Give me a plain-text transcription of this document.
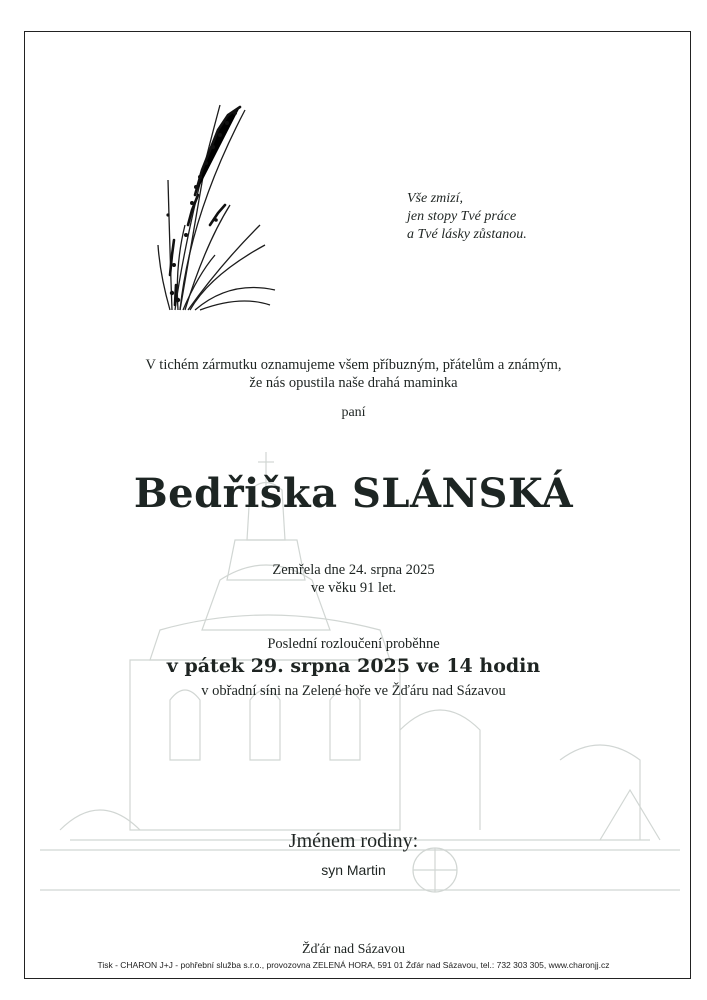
Vše zmizí,
jen stopy Tvé práce
a Tvé lásky zůstanou.
V tichém zármutku oznamujeme všem příbuzným, přátelům a známým,
že nás opustila naše drahá maminka
paní
Bedřiška SLÁNSKÁ
Zemřela dne 24. srpna 2025
ve věku 91 let.
Poslední rozloučení proběhne
v pátek 29. srpna 2025 ve 14 hodin
v obřadní síni na Zelené hoře ve Žďáru nad Sázavou
Jménem rodiny:
syn Martin
Žďár nad Sázavou
Tisk - CHARON J+J - pohřební služba s.r.o., provozovna ZELENÁ HORA, 591 01 Žďár nad Sázavou, tel.: 732 303 305, www.charonjj.cz
